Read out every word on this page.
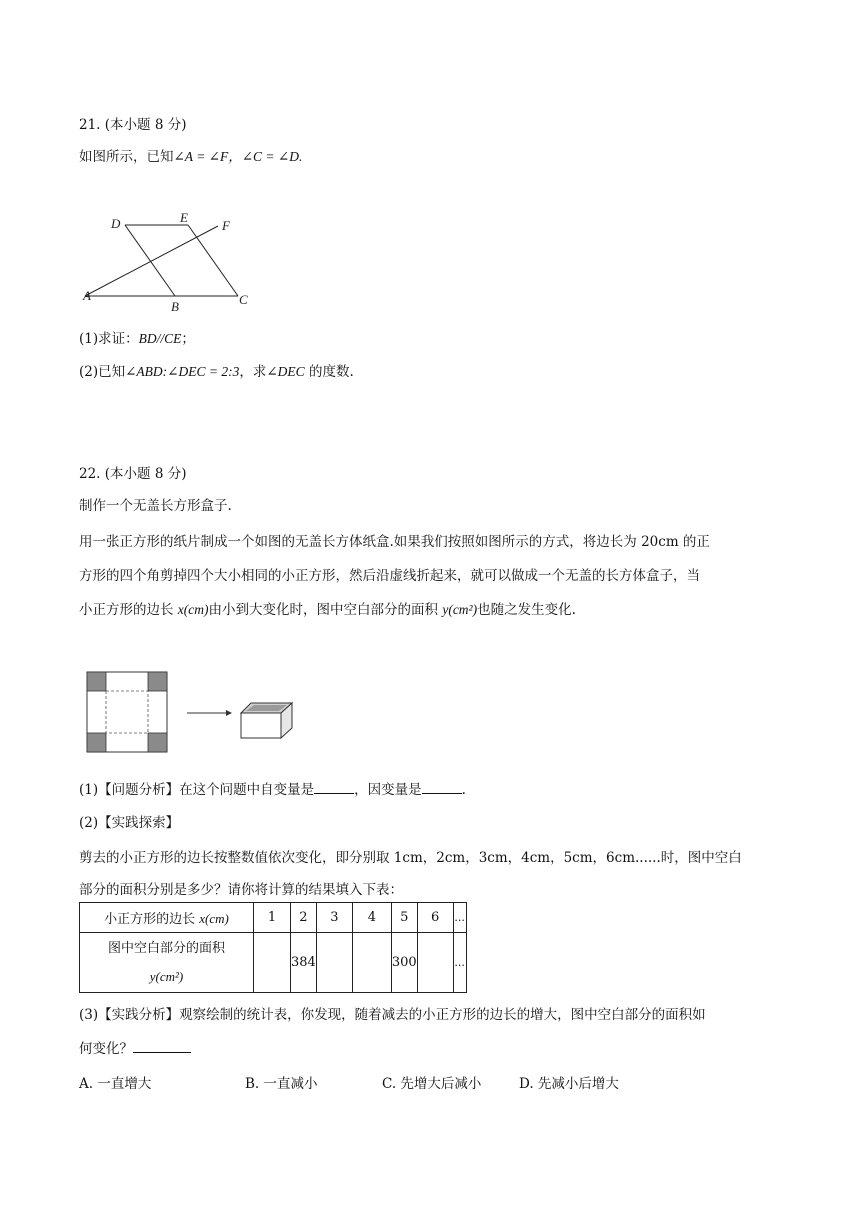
21. (本小题 8 分)
如图所示，已知∠A = ∠F，∠C = ∠D.
D	E
F
A
B	C
(1)求证：BD//CE；
(2)已知∠ABD:∠DEC = 2:3，求∠DEC 的度数.
22. (本小题 8 分)
制作一个无盖长方形盒子.
用一张正方形的纸片制成一个如图的无盖长方体纸盒.如果我们按照如图所示的方式，将边长为 20cm 的正
方形的四个角剪掉四个大小相同的小正方形，然后沿虚线折起来，就可以做成一个无盖的长方体盒子，当
小正方形的边长 x(cm)由小到大变化时，图中空白部分的面积 y(cm²)也随之发生变化.
(1)【问题分析】在这个问题中自变量是	，因变量是	.
(2)【实践探索】
剪去的小正方形的边长按整数值依次变化，即分别取 1cm，2cm，3cm，4cm，5cm，6cm......时，图中空白
部分的面积分别是多少？请你将计算的结果填入下表：
小正方形的边长 x(cm)	1	2	3	4	5	6	...

图中空白部分的面积
y(cm²)		384			300		...
(3)【实践分析】观察绘制的统计表，你发现，随着减去的小正方形的边长的增大，图中空白部分的面积如
何变化？
A. 一直增大	B. 一直减小	C. 先增大后减小	D. 先减小后增大
